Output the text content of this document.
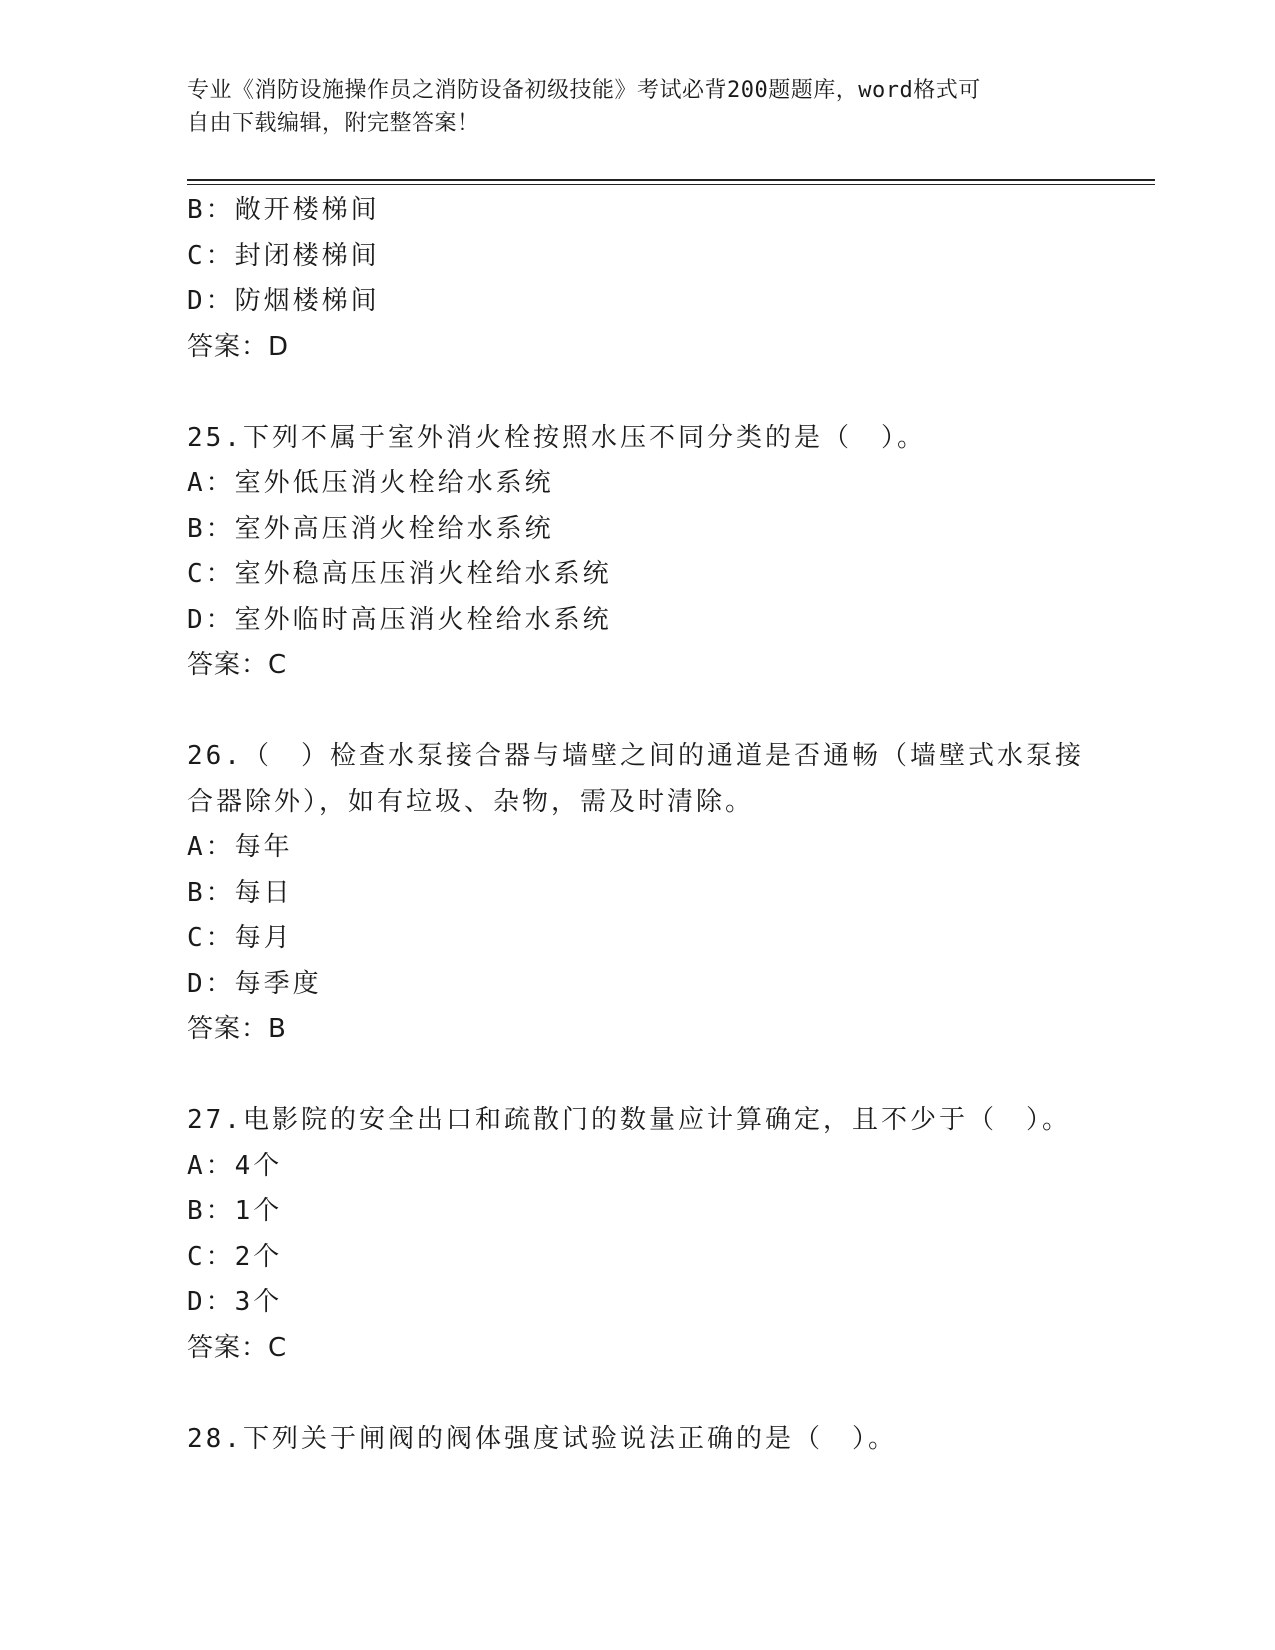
专业《消防设施操作员之消防设备初级技能》考试必背200题题库，word格式可
自由下载编辑，附完整答案！
B：敞开楼梯间
C：封闭楼梯间
D：防烟楼梯间
答案：D
25.下列不属于室外消火栓按照水压不同分类的是（　）。
A：室外低压消火栓给水系统
B：室外高压消火栓给水系统
C：室外稳高压压消火栓给水系统
D：室外临时高压消火栓给水系统
答案：C
26.（　）检查水泵接合器与墙壁之间的通道是否通畅（墙壁式水泵接
合器除外），如有垃圾、杂物，需及时清除。
A：每年
B：每日
C：每月
D：每季度
答案：B
27.电影院的安全出口和疏散门的数量应计算确定，且不少于（　）。
A：4个
B：1个
C：2个
D：3个
答案：C
28.下列关于闸阀的阀体强度试验说法正确的是（　）。
